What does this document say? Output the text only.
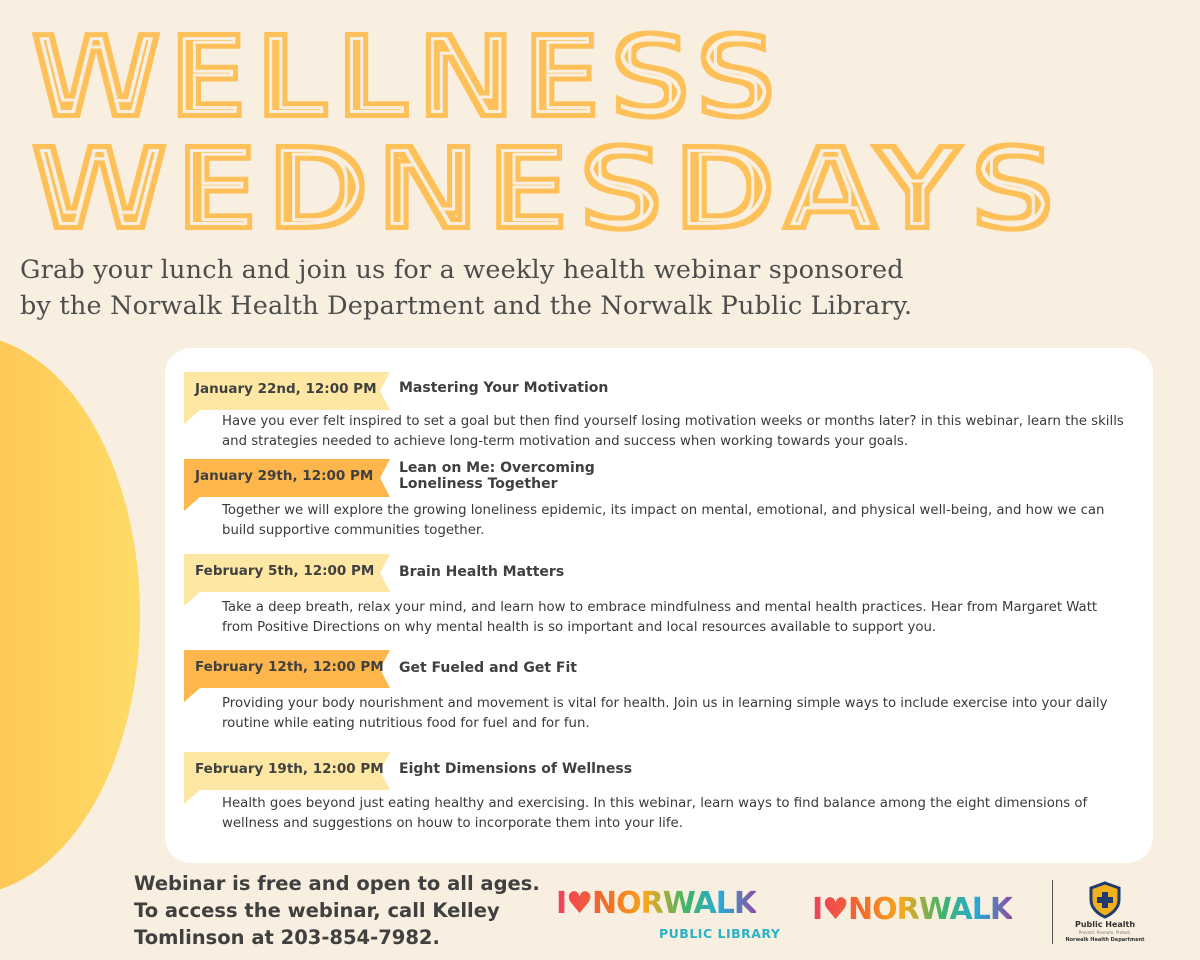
WELLNESS
WEDNESDAYS
Grab your lunch and join us for a weekly health webinar sponsored
by the Norwalk Health Department and the Norwalk Public Library.
January 22nd, 12:00 PM Mastering Your Motivation
Have you ever felt inspired to set a goal but then find yourself losing motivation weeks or months later? in this webinar, learn the skills and strategies needed to achieve long-term motivation and success when working towards your goals.
January 29th, 12:00 PM Lean on Me: Overcoming
Loneliness Together
Together we will explore the growing loneliness epidemic, its impact on mental, emotional, and physical well-being, and how we can build supportive communities together.
February 5th, 12:00 PM Brain Health Matters
Take a deep breath, relax your mind, and learn how to embrace mindfulness and mental health practices. Hear from Margaret Watt from Positive Directions on why mental health is so important and local resources available to support you.
February 12th, 12:00 PM Get Fueled and Get Fit
Providing your body nourishment and movement is vital for health. Join us in learning simple ways to include exercise into your daily routine while eating nutritious food for fuel and for fun.
February 19th, 12:00 PM Eight Dimensions of Wellness
Health goes beyond just eating healthy and exercising. In this webinar, learn ways to find balance among the eight dimensions of wellness and suggestions on houw to incorporate them into your life.
Webinar is free and open to all ages.
To access the webinar, call Kelley
Tomlinson at 203-854-7982.
I♥NORWALK
PUBLIC LIBRARY
I♥NORWALK	Public Health
Prevent. Promote. Protect.
Norwalk Health Department
